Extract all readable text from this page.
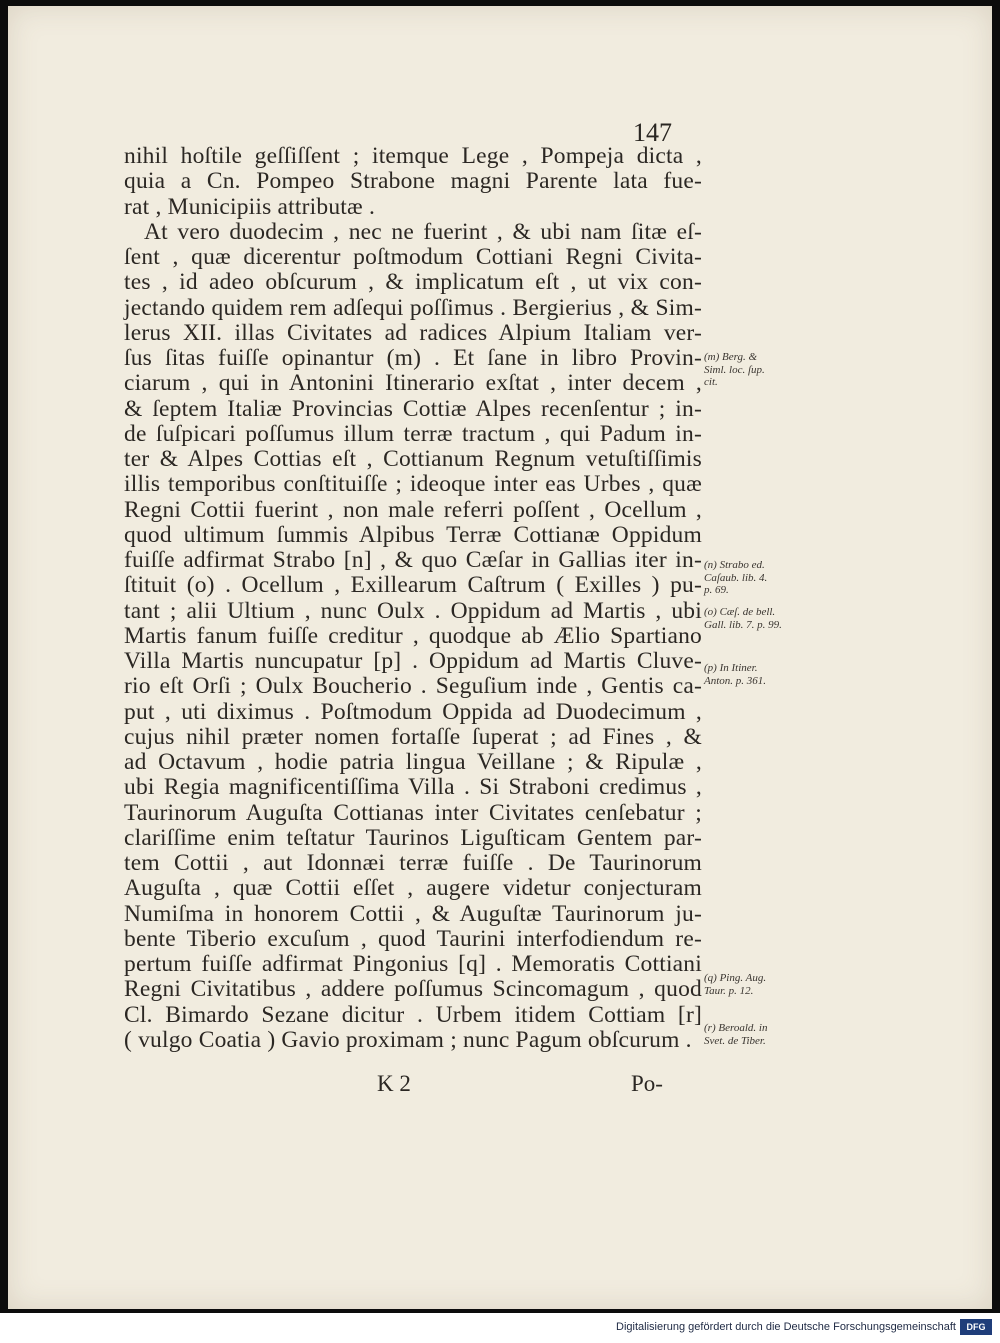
147
nihil hoſtile geſſiſſent ; itemque Lege , Pompeja dicta ,
quia a Cn. Pompeo Strabone magni Parente lata fue-
rat , Municipiis attributæ .
At vero duodecim , nec ne fuerint , & ubi nam ſitæ eſ-
ſent , quæ dicerentur poſtmodum Cottiani Regni Civita-
tes , id adeo obſcurum , & implicatum eſt , ut vix con-
jectando quidem rem adſequi poſſimus . Bergierius , & Sim-
lerus XII. illas Civitates ad radices Alpium Italiam ver-
ſus ſitas fuiſſe opinantur (m) . Et ſane in libro Provin-
ciarum , qui in Antonini Itinerario exſtat , inter decem ,
& ſeptem Italiæ Provincias Cottiæ Alpes recenſentur ; in-
de ſuſpicari poſſumus illum terræ tractum , qui Padum in-
ter & Alpes Cottias eſt , Cottianum Regnum vetuſtiſſimis
illis temporibus conſtituiſſe ; ideoque inter eas Urbes , quæ
Regni Cottii fuerint , non male referri poſſent , Ocellum ,
quod ultimum ſummis Alpibus Terræ Cottianæ Oppidum
fuiſſe adfirmat Strabo [n] , & quo Cæſar in Gallias iter in-
ſtituit (o) . Ocellum , Exillearum Caſtrum ( Exilles ) pu-
tant ; alii Ultium , nunc Oulx . Oppidum ad Martis , ubi
Martis fanum fuiſſe creditur , quodque ab Ælio Spartiano
Villa Martis nuncupatur [p] . Oppidum ad Martis Cluve-
rio eſt Orſi ; Oulx Boucherio . Seguſium inde , Gentis ca-
put , uti diximus . Poſtmodum Oppida ad Duodecimum ,
cujus nihil præter nomen fortaſſe ſuperat ; ad Fines , &
ad Octavum , hodie patria lingua Veillane ; & Ripulæ ,
ubi Regia magnificentiſſima Villa . Si Straboni credimus ,
Taurinorum Auguſta Cottianas inter Civitates cenſebatur ;
clariſſime enim teſtatur Taurinos Liguſticam Gentem par-
tem Cottii , aut Idonnæi terræ fuiſſe . De Taurinorum
Auguſta , quæ Cottii eſſet , augere videtur conjecturam
Numiſma in honorem Cottii , & Auguſtæ Taurinorum ju-
bente Tiberio excuſum , quod Taurini interfodiendum re-
pertum fuiſſe adfirmat Pingonius [q] . Memoratis Cottiani
Regni Civitatibus , addere poſſumus Scincomagum , quod
Cl. Bimardo Sezane dicitur . Urbem itidem Cottiam [r]
( vulgo Coatia ) Gavio proximam ; nunc Pagum obſcurum .
(m) Berg. &
Siml. loc. ſup.
cit.
(n) Strabo ed.
Caſaub. lib. 4.
p. 69.
(o) Cæſ. de bell.
Gall. lib. 7. p. 99.
(p) In Itiner.
Anton. p. 361.
(q) Ping. Aug.
Taur. p. 12.
(r) Beroald. in
Svet. de Tiber.
K 2	Po-
Digitalisierung gefördert durch die Deutsche Forschungsgemeinschaft	DFG
